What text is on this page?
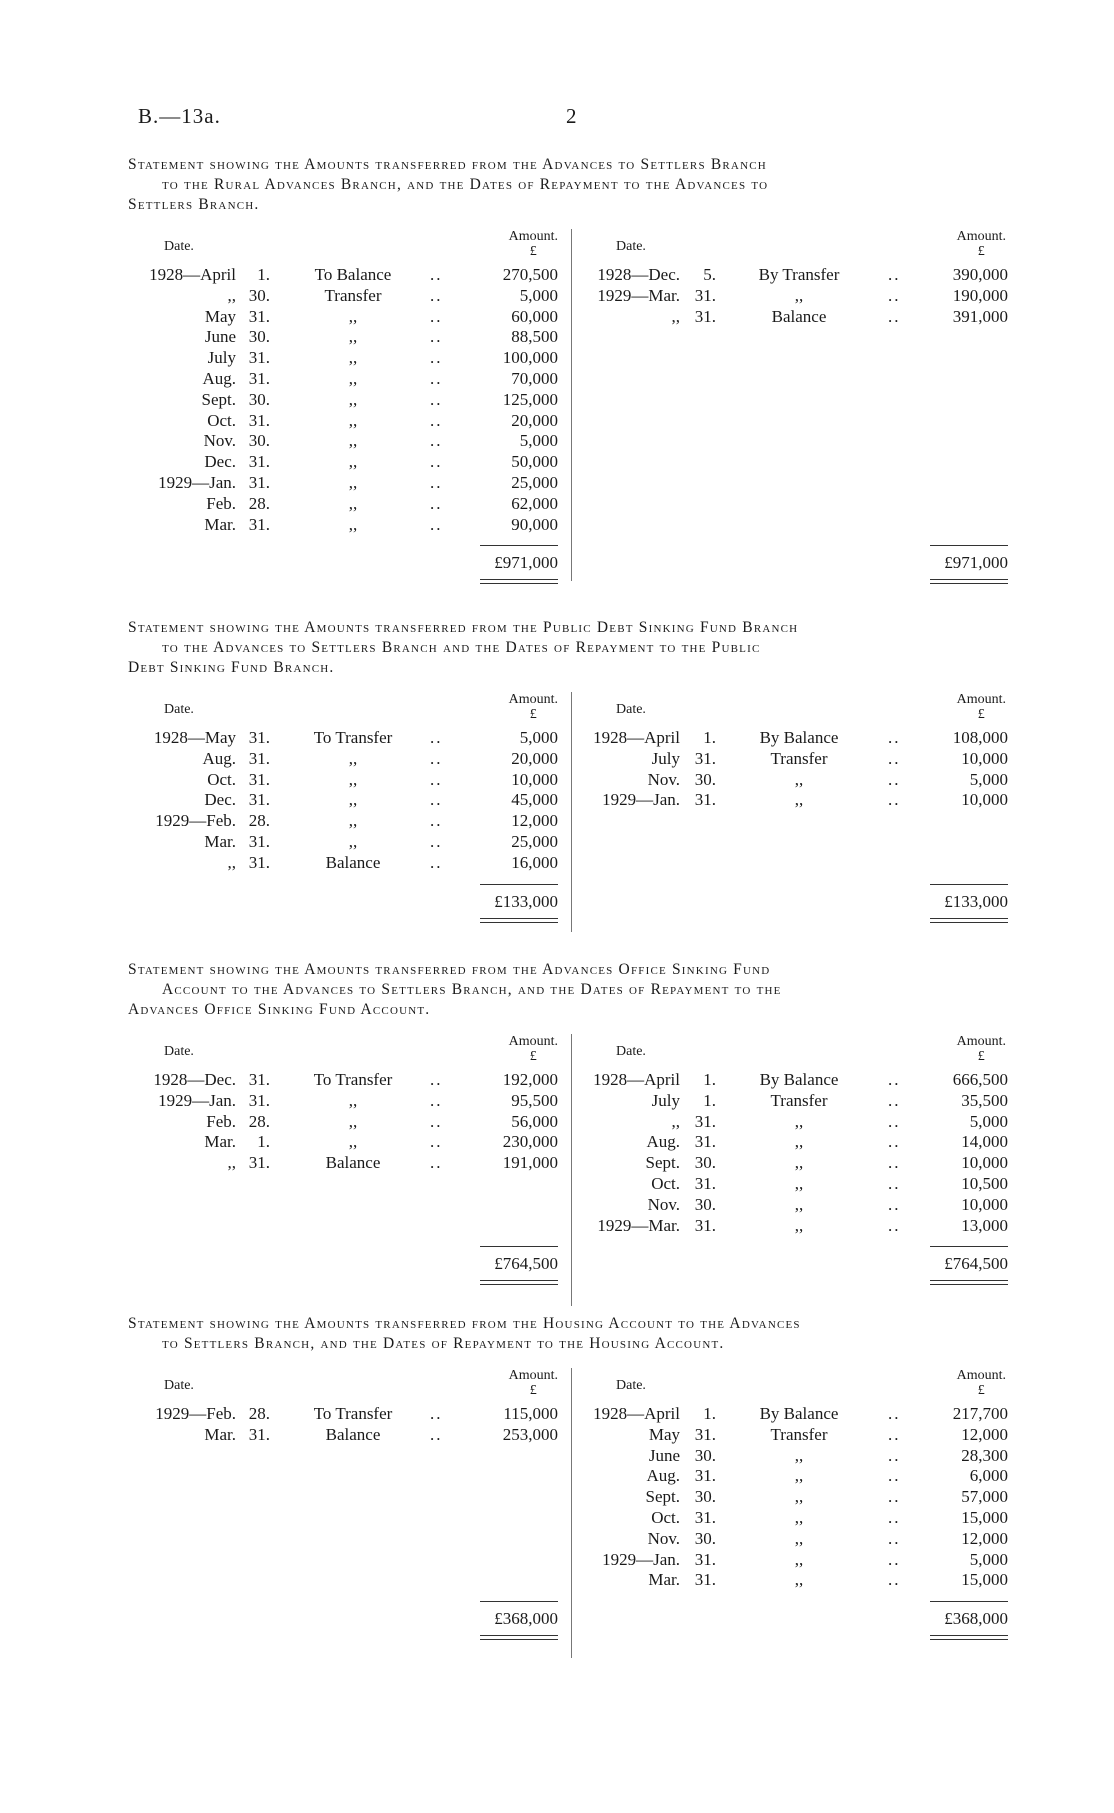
B.—13a.	2
Statement showing the Amounts transferred from the Advances to Settlers Branch
to the Rural Advances Branch, and the Dates of Repayment to the Advances to
Settlers Branch.
Date.
Amount.
£
1928—April	1.	To Balance	..	270,500
,, 30.	Transfer	..	5,000
May 31.	,,	..	60,000
June 30.	,,	..	88,500
July 31.	,,	..	100,000
Aug. 31.	,,	..	70,000
Sept. 30.	,,	..	125,000
Oct. 31.	,,	..	20,000
Nov. 30.	,,	..	5,000
Dec. 31.	,,	..	50,000
1929—Jan. 31.	,,	..	25,000
Feb. 28.	,,	..	62,000
Mar. 31.	,,	..	90,000
£971,000
Date.
Amount.
£
1928—Dec.	5.	By Transfer	..	390,000
1929—Mar. 31.	,,	..	190,000
,, 31.	Balance	..	391,000
£971,000
Statement showing the Amounts transferred from the Public Debt Sinking Fund Branch
to the Advances to Settlers Branch and the Dates of Repayment to the Public
Debt Sinking Fund Branch.
Date.
Amount.
£
1928—May 31.	To Transfer	..	5,000
Aug. 31.	,,	..	20,000
Oct. 31.	,,	..	10,000
Dec. 31.	,,	..	45,000
1929—Feb. 28.	,,	..	12,000
Mar. 31.	,,	..	25,000
,, 31.	Balance	..	16,000
£133,000
Date.
Amount.
£
1928—April	1.	By Balance	..	108,000
July 31.	Transfer	..	10,000
Nov. 30.	,,	..	5,000
1929—Jan. 31.	,,	..	10,000
£133,000
Statement showing the Amounts transferred from the Advances Office Sinking Fund
Account to the Advances to Settlers Branch, and the Dates of Repayment to the
Advances Office Sinking Fund Account.
Date.
Amount.
£
1928—Dec. 31.	To Transfer	..	192,000
1929—Jan. 31.	,,	..	95,500
Feb. 28.	,,	..	56,000
Mar.	1.	,,	..	230,000
,, 31.	Balance	..	191,000
£764,500
Date.
Amount.
£
1928—April	1.	By Balance	..	666,500
July	1.	Transfer	..	35,500
,, 31.	,,	..	5,000
Aug. 31.	,,	..	14,000
Sept. 30.	,,	..	10,000
Oct. 31.	,,	..	10,500
Nov. 30.	,,	..	10,000
1929—Mar. 31.	,,	..	13,000
£764,500
Statement showing the Amounts transferred from the Housing Account to the Advances
to Settlers Branch, and the Dates of Repayment to the Housing Account.
Date.
Amount.
£
1929—Feb. 28.	To Transfer	..	115,000
Mar. 31.	Balance	..	253,000
£368,000
Date.
Amount.
£
1928—April	1.	By Balance	..	217,700
May 31.	Transfer	..	12,000
June 30.	,,	..	28,300
Aug. 31.	,,	..	6,000
Sept. 30.	,,	..	57,000
Oct. 31.	,,	..	15,000
Nov. 30.	,,	..	12,000
1929—Jan. 31.	,,	..	5,000
Mar. 31.	,,	..	15,000
£368,000
